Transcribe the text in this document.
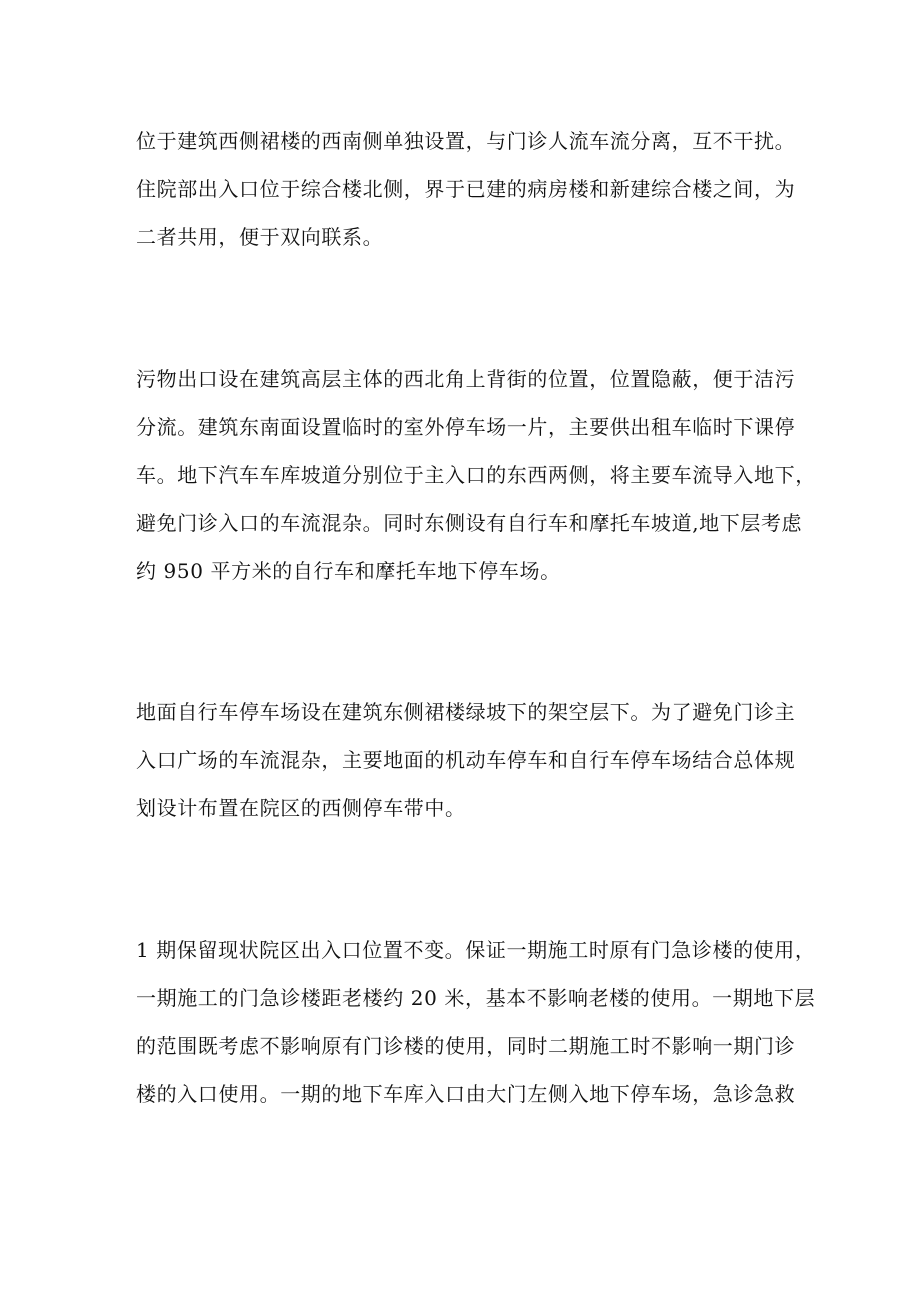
位于建筑西侧裙楼的西南侧单独设置，与门诊人流车流分离，互不干扰。
住院部出入口位于综合楼北侧，界于已建的病房楼和新建综合楼之间，为
二者共用，便于双向联系。
污物出口设在建筑高层主体的西北角上背街的位置，位置隐蔽，便于洁污
分流。建筑东南面设置临时的室外停车场一片，主要供出租车临时下课停
车。地下汽车车库坡道分别位于主入口的东西两侧，将主要车流导入地下，
避免门诊入口的车流混杂。同时东侧设有自行车和摩托车坡道,地下层考虑
约 950 平方米的自行车和摩托车地下停车场。
地面自行车停车场设在建筑东侧裙楼绿坡下的架空层下。为了避免门诊主
入口广场的车流混杂，主要地面的机动车停车和自行车停车场结合总体规
划设计布置在院区的西侧停车带中。
1 期保留现状院区出入口位置不变。保证一期施工时原有门急诊楼的使用，
一期施工的门急诊楼距老楼约 20 米，基本不影响老楼的使用。一期地下层
的范围既考虑不影响原有门诊楼的使用，同时二期施工时不影响一期门诊
楼的入口使用。一期的地下车库入口由大门左侧入地下停车场，急诊急救
